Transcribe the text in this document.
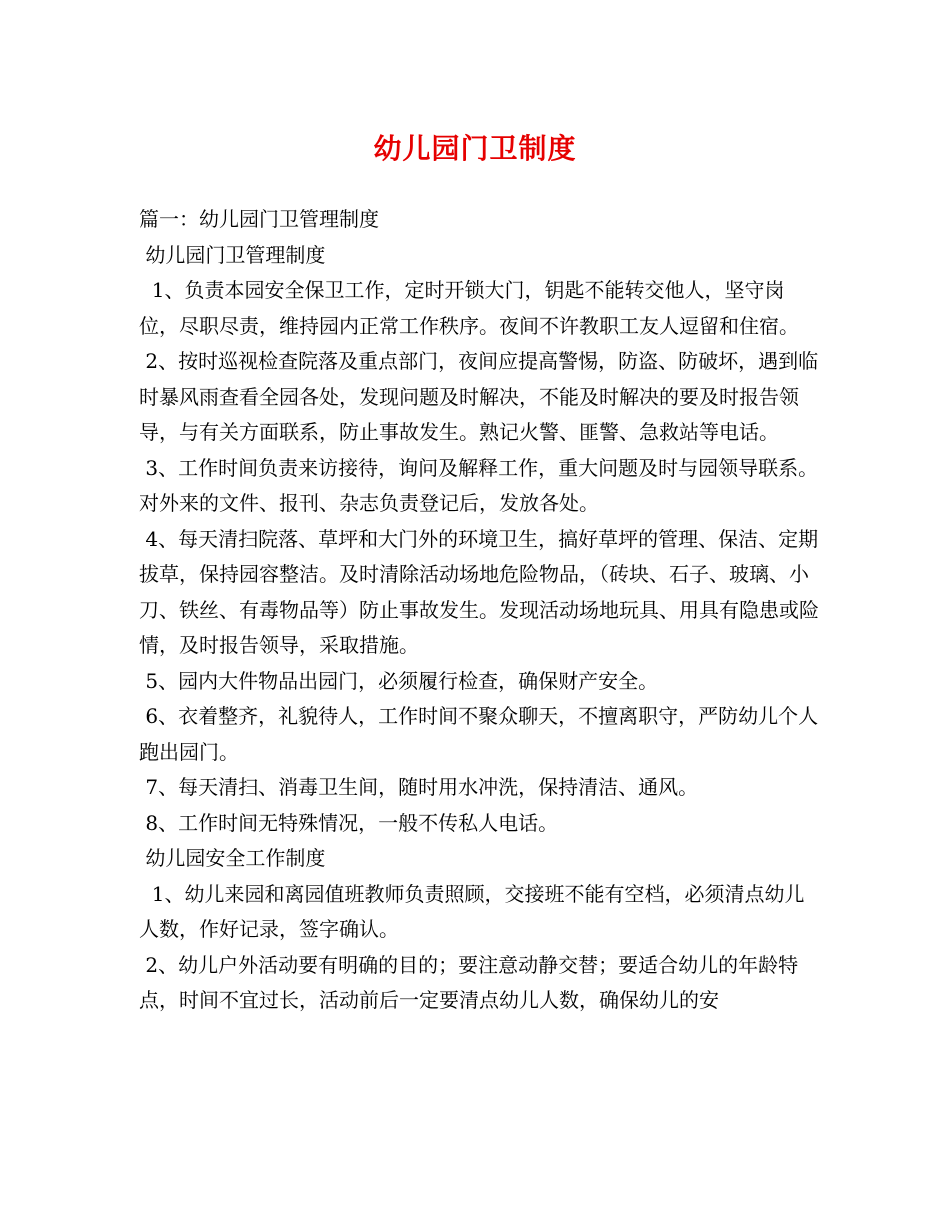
幼儿园门卫制度

篇一：幼儿园门卫管理制度

幼儿园门卫管理制度

1、负责本园安全保卫工作，定时开锁大门，钥匙不能转交他人，坚守岗位，尽职尽责，维持园内正常工作秩序。夜间不许教职工友人逗留和住宿。

2、按时巡视检查院落及重点部门，夜间应提高警惕，防盗、防破坏，遇到临时暴风雨查看全园各处，发现问题及时解决，不能及时解决的要及时报告领导，与有关方面联系，防止事故发生。熟记火警、匪警、急救站等电话。

3、工作时间负责来访接待，询问及解释工作，重大问题及时与园领导联系。对外来的文件、报刊、杂志负责登记后，发放各处。

4、每天清扫院落、草坪和大门外的环境卫生，搞好草坪的管理、保洁、定期拔草，保持园容整洁。及时清除活动场地危险物品，（砖块、石子、玻璃、小刀、铁丝、有毒物品等）防止事故发生。发现活动场地玩具、用具有隐患或险情，及时报告领导，采取措施。

5、园内大件物品出园门，必须履行检查，确保财产安全。

6、衣着整齐，礼貌待人，工作时间不聚众聊天，不擅离职守，严防幼儿个人跑出园门。

7、每天清扫、消毒卫生间，随时用水冲洗，保持清洁、通风。

8、工作时间无特殊情况，一般不传私人电话。

幼儿园安全工作制度

1、幼儿来园和离园值班教师负责照顾，交接班不能有空档，必须清点幼儿人数，作好记录，签字确认。

2、幼儿户外活动要有明确的目的；要注意动静交替；要适合幼儿的年龄特点，时间不宜过长，活动前后一定要清点幼儿人数，确保幼儿的安
